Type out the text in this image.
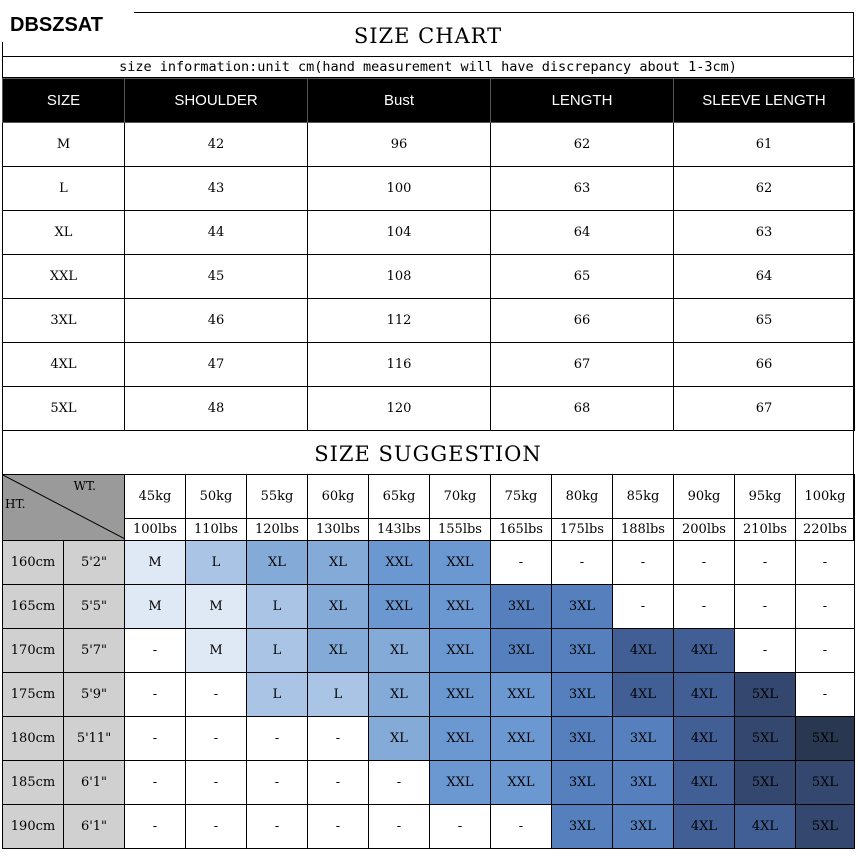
DBSZSAT	SIZE CHART
size information:unit cm(hand measurement will have discrepancy about 1-3cm)
SIZE	SHOULDER	Bust	LENGTH	SLEEVE LENGTH
M	42	96	62	61
L	43	100	63	62
XL	44	104	64	63
XXL	45	108	65	64
3XL	46	112	66	65
4XL	47	116	67	66
5XL	48	120	68	67
SIZE SUGGESTION
WT.
HT.		45kg	50kg	55kg	60kg	65kg	70kg	75kg	80kg	85kg	90kg	95kg	100kg
		100lbs	110lbs	120lbs	130lbs	143lbs	155lbs	165lbs	175lbs	188lbs	200lbs	210lbs	220lbs
160cm	5'2"	M	L	XL	XL	XXL	XXL	-	-	-	-	-	-
165cm	5'5"	M	M	L	XL	XXL	XXL	3XL	3XL	-	-	-	-
170cm	5'7"	-	M	L	XL	XL	XXL	3XL	3XL	4XL	4XL	-	-
175cm	5'9"	-	-	L	L	XL	XXL	XXL	3XL	4XL	4XL	5XL	-
180cm	5'11"	-	-	-	-	XL	XXL	XXL	3XL	3XL	4XL	5XL	5XL
185cm	6'1"	-	-	-	-	-	XXL	XXL	3XL	3XL	4XL	5XL	5XL
190cm	6'1"	-	-	-	-	-	-	-	3XL	3XL	4XL	4XL	5XL
